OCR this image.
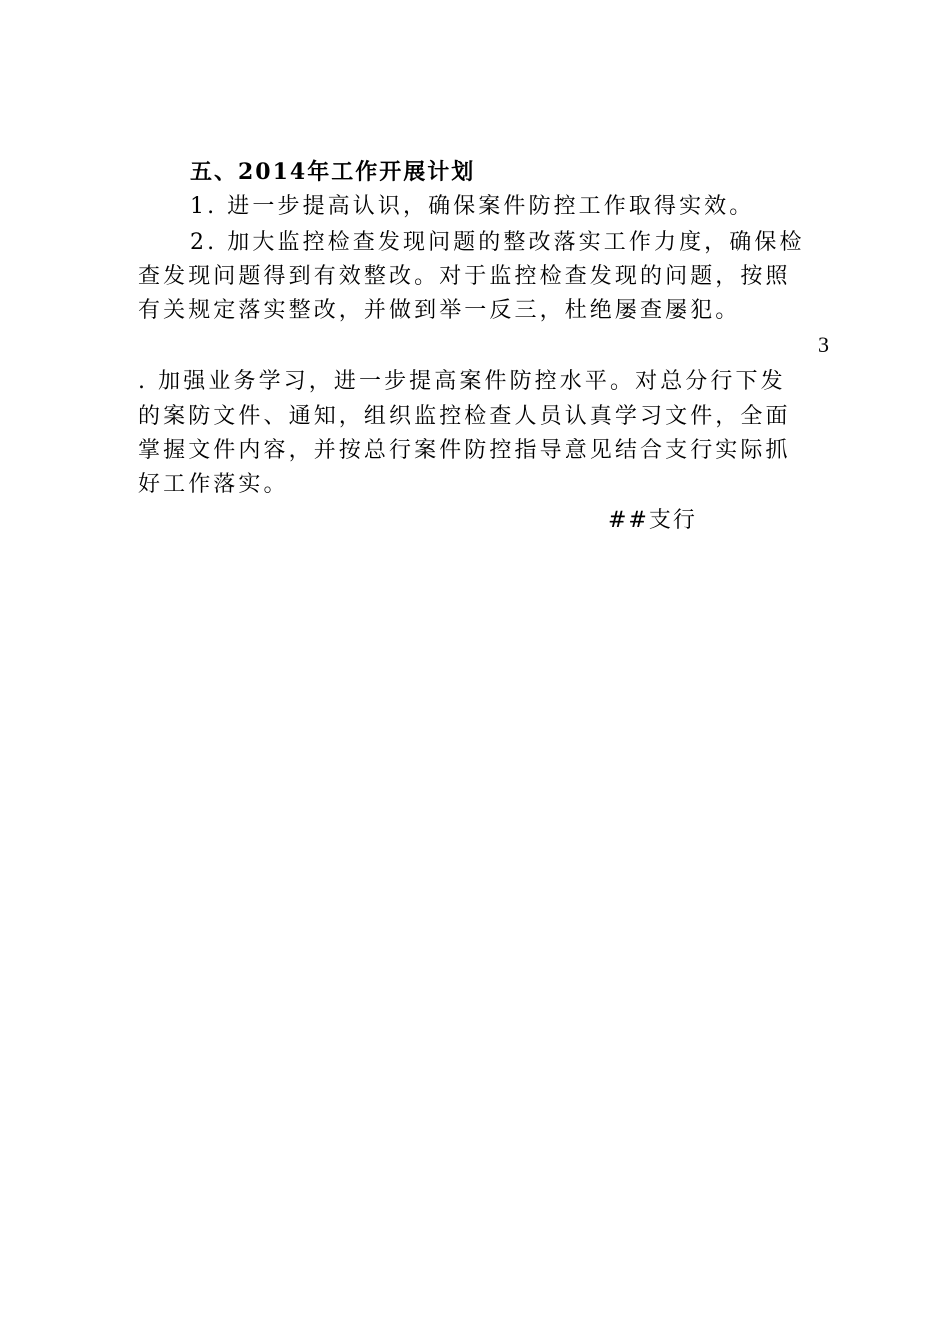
五、2014年工作开展计划
1. 进一步提高认识，确保案件防控工作取得实效。
2. 加大监控检查发现问题的整改落实工作力度，确保检
查发现问题得到有效整改。对于监控检查发现的问题，按照
有关规定落实整改，并做到举一反三，杜绝屡查屡犯。
3
. 加强业务学习，进一步提高案件防控水平。对总分行下发
的案防文件、通知，组织监控检查人员认真学习文件，全面
掌握文件内容，并按总行案件防控指导意见结合支行实际抓
好工作落实。
##支行
